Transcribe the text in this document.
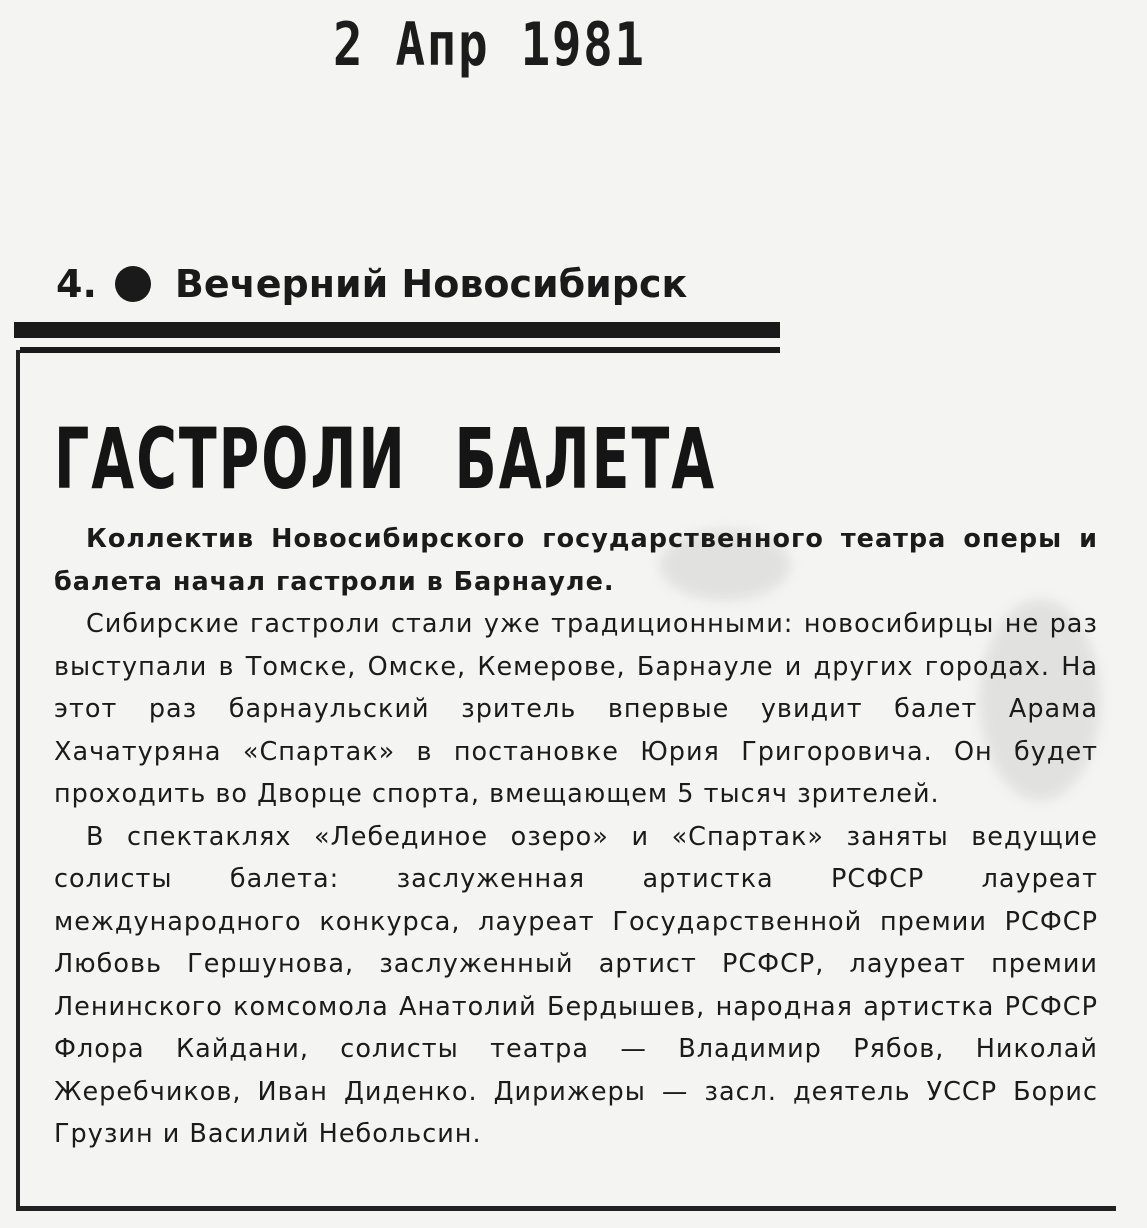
2 Апр 1981
4. Вечерний Новосибирск
ГАСТРОЛИ БАЛЕТА

Коллектив Новосибирского государственного театра оперы и балета начал гастроли в Барнауле.

Сибирские гастроли стали уже традиционными: новосибирцы не раз выступали в Томске, Омске, Кемерове, Барнауле и других городах. На этот раз барнаульский зритель впервые увидит балет Арама Хачатуряна «Спартак» в постановке Юрия Григоровича. Он будет проходить во Дворце спорта, вмещающем 5 тысяч зрителей.

В спектаклях «Лебединое озеро» и «Спартак» заняты ведущие солисты балета: заслуженная артистка РСФСР лауреат международного конкурса, лауреат Государственной премии РСФСР Любовь Гершунова, заслуженный артист РСФСР, лауреат премии Ленинского комсомола Анатолий Бердышев, народная артистка РСФСР Флора Кайдани, солисты театра — Владимир Рябов, Николай Жеребчиков, Иван Диденко. Дирижеры — засл. деятель УССР Борис Грузин и Василий Небольсин.
